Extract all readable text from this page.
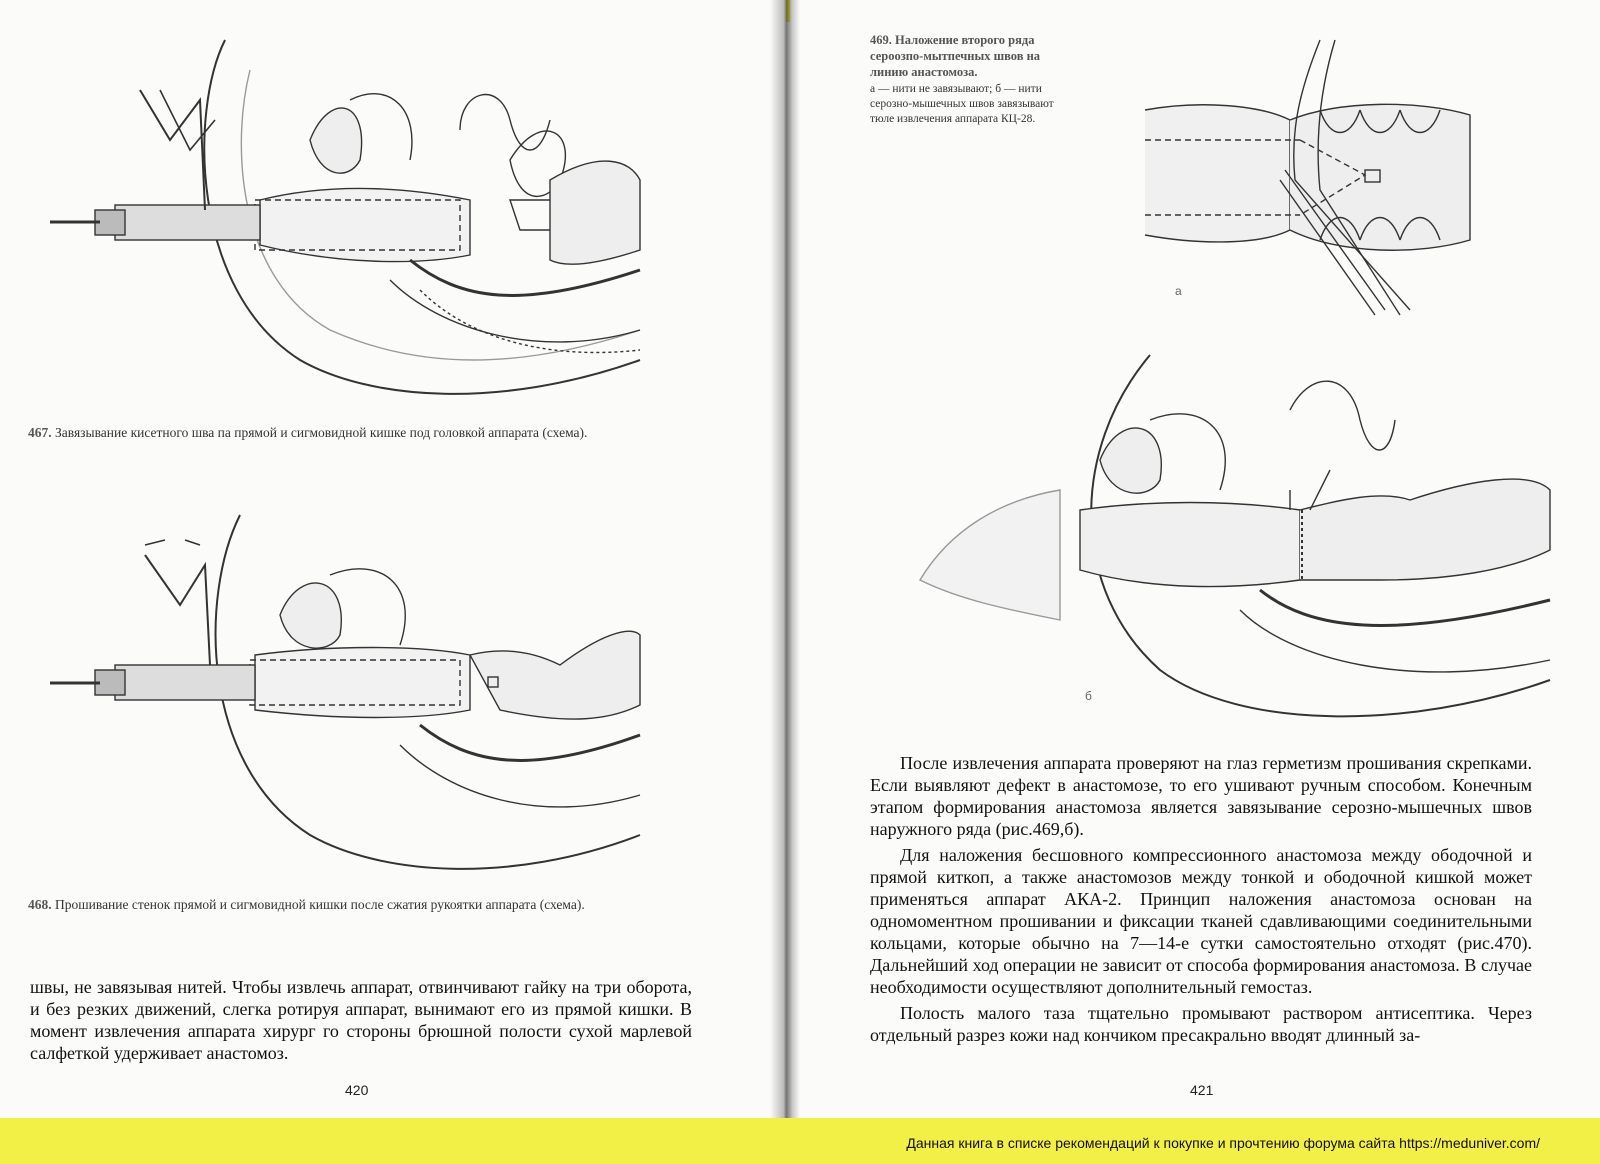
467. Завязывание кисетного шва па прямой и сигмовидной кишке под головкой аппарата (схема).
468. Прошивание стенок прямой и сигмовидной кишки после сжатия рукоятки аппарата (схема).

швы, не завязывая нитей. Чтобы извлечь аппарат, отвинчивают гайку на три оборота, и без резких движений, слегка ротируя аппарат, вынимают его из прямой кишки. В момент извлечения аппарата хирург го стороны брюшной полости сухой марлевой салфеткой удерживает анастомоз.

420
469. Наложение второго ряда сероозпо-мытпечных швов на линию анастомоза.
а — нити не завязывают; б — нити серозно-мышечных швов завязывают тюле извлечения аппарата КЦ-28.
а
б

После извлечения аппарата проверяют на глаз герметизм прошивания скрепками. Если выявляют дефект в анастомозе, то его ушивают ручным способом. Конечным этапом формирования анастомоза является завязывание серозно-мышечных швов наружного ряда (рис.469,б).

Для наложения бесшовного компрессионного анастомоза между ободочной и прямой киткоп, а также анастомозов между тонкой и ободочной кишкой может применяться аппарат АКА-2. Принцип наложения анастомоза основан на одномоментном прошивании и фиксации тканей сдавливающими соединительными кольцами, которые обычно на 7—14-е сутки самостоятельно отходят (рис.470). Дальнейший ход операции не зависит от способа формирования анастомоза. В случае необходимости осуществляют дополнительный гемостаз.

Полость малого таза тщательно промывают раствором антисептика. Через отдельный разрез кожи над кончиком пресакрально вводят длинный за-

421
Данная книга в списке рекомендаций к покупке и прочтению форума сайта https://meduniver.com/
